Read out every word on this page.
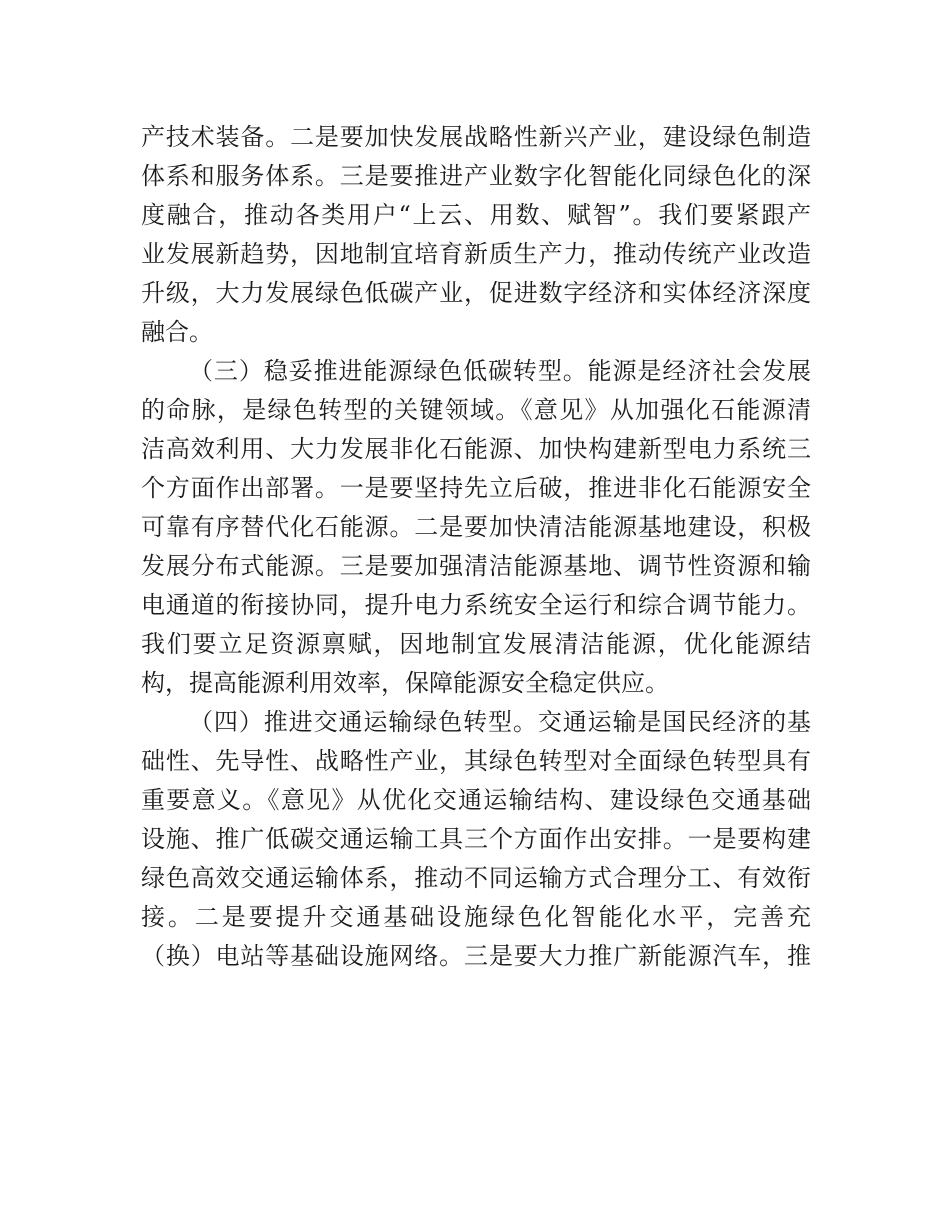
产技术装备。二是要加快发展战略性新兴产业，建设绿色制造
体系和服务体系。三是要推进产业数字化智能化同绿色化的深
度融合，推动各类用户“上云、用数、赋智”。我们要紧跟产
业发展新趋势，因地制宜培育新质生产力，推动传统产业改造
升级，大力发展绿色低碳产业，促进数字经济和实体经济深度
融合。
（三）稳妥推进能源绿色低碳转型。能源是经济社会发展
的命脉，是绿色转型的关键领域。《意见》从加强化石能源清
洁高效利用、大力发展非化石能源、加快构建新型电力系统三
个方面作出部署。一是要坚持先立后破，推进非化石能源安全
可靠有序替代化石能源。二是要加快清洁能源基地建设，积极
发展分布式能源。三是要加强清洁能源基地、调节性资源和输
电通道的衔接协同，提升电力系统安全运行和综合调节能力。
我们要立足资源禀赋，因地制宜发展清洁能源，优化能源结
构，提高能源利用效率，保障能源安全稳定供应。
（四）推进交通运输绿色转型。交通运输是国民经济的基
础性、先导性、战略性产业，其绿色转型对全面绿色转型具有
重要意义。《意见》从优化交通运输结构、建设绿色交通基础
设施、推广低碳交通运输工具三个方面作出安排。一是要构建
绿色高效交通运输体系，推动不同运输方式合理分工、有效衔
接。二是要提升交通基础设施绿色化智能化水平，完善充
（换）电站等基础设施网络。三是要大力推广新能源汽车，推
